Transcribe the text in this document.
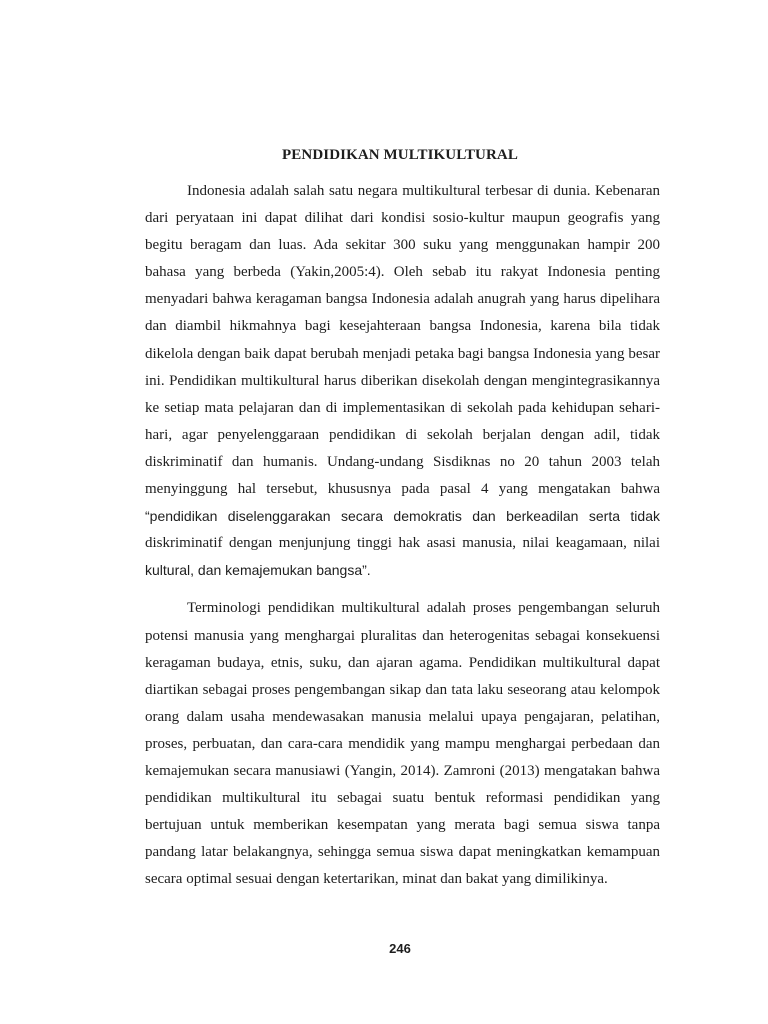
PENDIDIKAN MULTIKULTURAL
Indonesia adalah salah satu negara multikultural terbesar di dunia. Kebenaran
dari peryataan ini dapat dilihat dari kondisi sosio-kultur maupun geografis yang
begitu beragam dan luas. Ada sekitar 300 suku yang menggunakan hampir 200
bahasa yang berbeda (Yakin,2005:4). Oleh sebab itu rakyat Indonesia penting
menyadari bahwa keragaman bangsa Indonesia adalah anugrah yang harus dipelihara
dan diambil hikmahnya bagi kesejahteraan bangsa Indonesia, karena bila tidak
dikelola dengan baik dapat berubah menjadi petaka bagi bangsa Indonesia yang besar
ini. Pendidikan multikultural harus diberikan disekolah dengan mengintegrasikannya
ke setiap mata pelajaran dan di implementasikan di sekolah pada kehidupan sehari-
hari, agar penyelenggaraan pendidikan di sekolah berjalan dengan adil, tidak
diskriminatif dan humanis. Undang-undang Sisdiknas no 20 tahun 2003 telah
menyinggung hal tersebut, khususnya pada pasal 4 yang mengatakan bahwa
“pendidikan diselenggarakan secara demokratis dan berkeadilan serta tidak
diskriminatif dengan menjunjung tinggi hak asasi manusia, nilai keagamaan, nilai
kultural, dan kemajemukan bangsa”.
Terminologi pendidikan multikultural adalah proses pengembangan seluruh
potensi manusia yang menghargai pluralitas dan heterogenitas sebagai konsekuensi
keragaman budaya, etnis, suku, dan ajaran agama. Pendidikan multikultural dapat
diartikan sebagai proses pengembangan sikap dan tata laku seseorang atau kelompok
orang dalam usaha mendewasakan manusia melalui upaya pengajaran, pelatihan,
proses, perbuatan, dan cara-cara mendidik yang mampu menghargai perbedaan dan
kemajemukan secara manusiawi (Yangin, 2014). Zamroni (2013) mengatakan bahwa
pendidikan multikultural itu sebagai suatu bentuk reformasi pendidikan yang
bertujuan untuk memberikan kesempatan yang merata bagi semua siswa tanpa
pandang latar belakangnya, sehingga semua siswa dapat meningkatkan kemampuan
secara optimal sesuai dengan ketertarikan, minat dan bakat yang dimilikinya.
246
